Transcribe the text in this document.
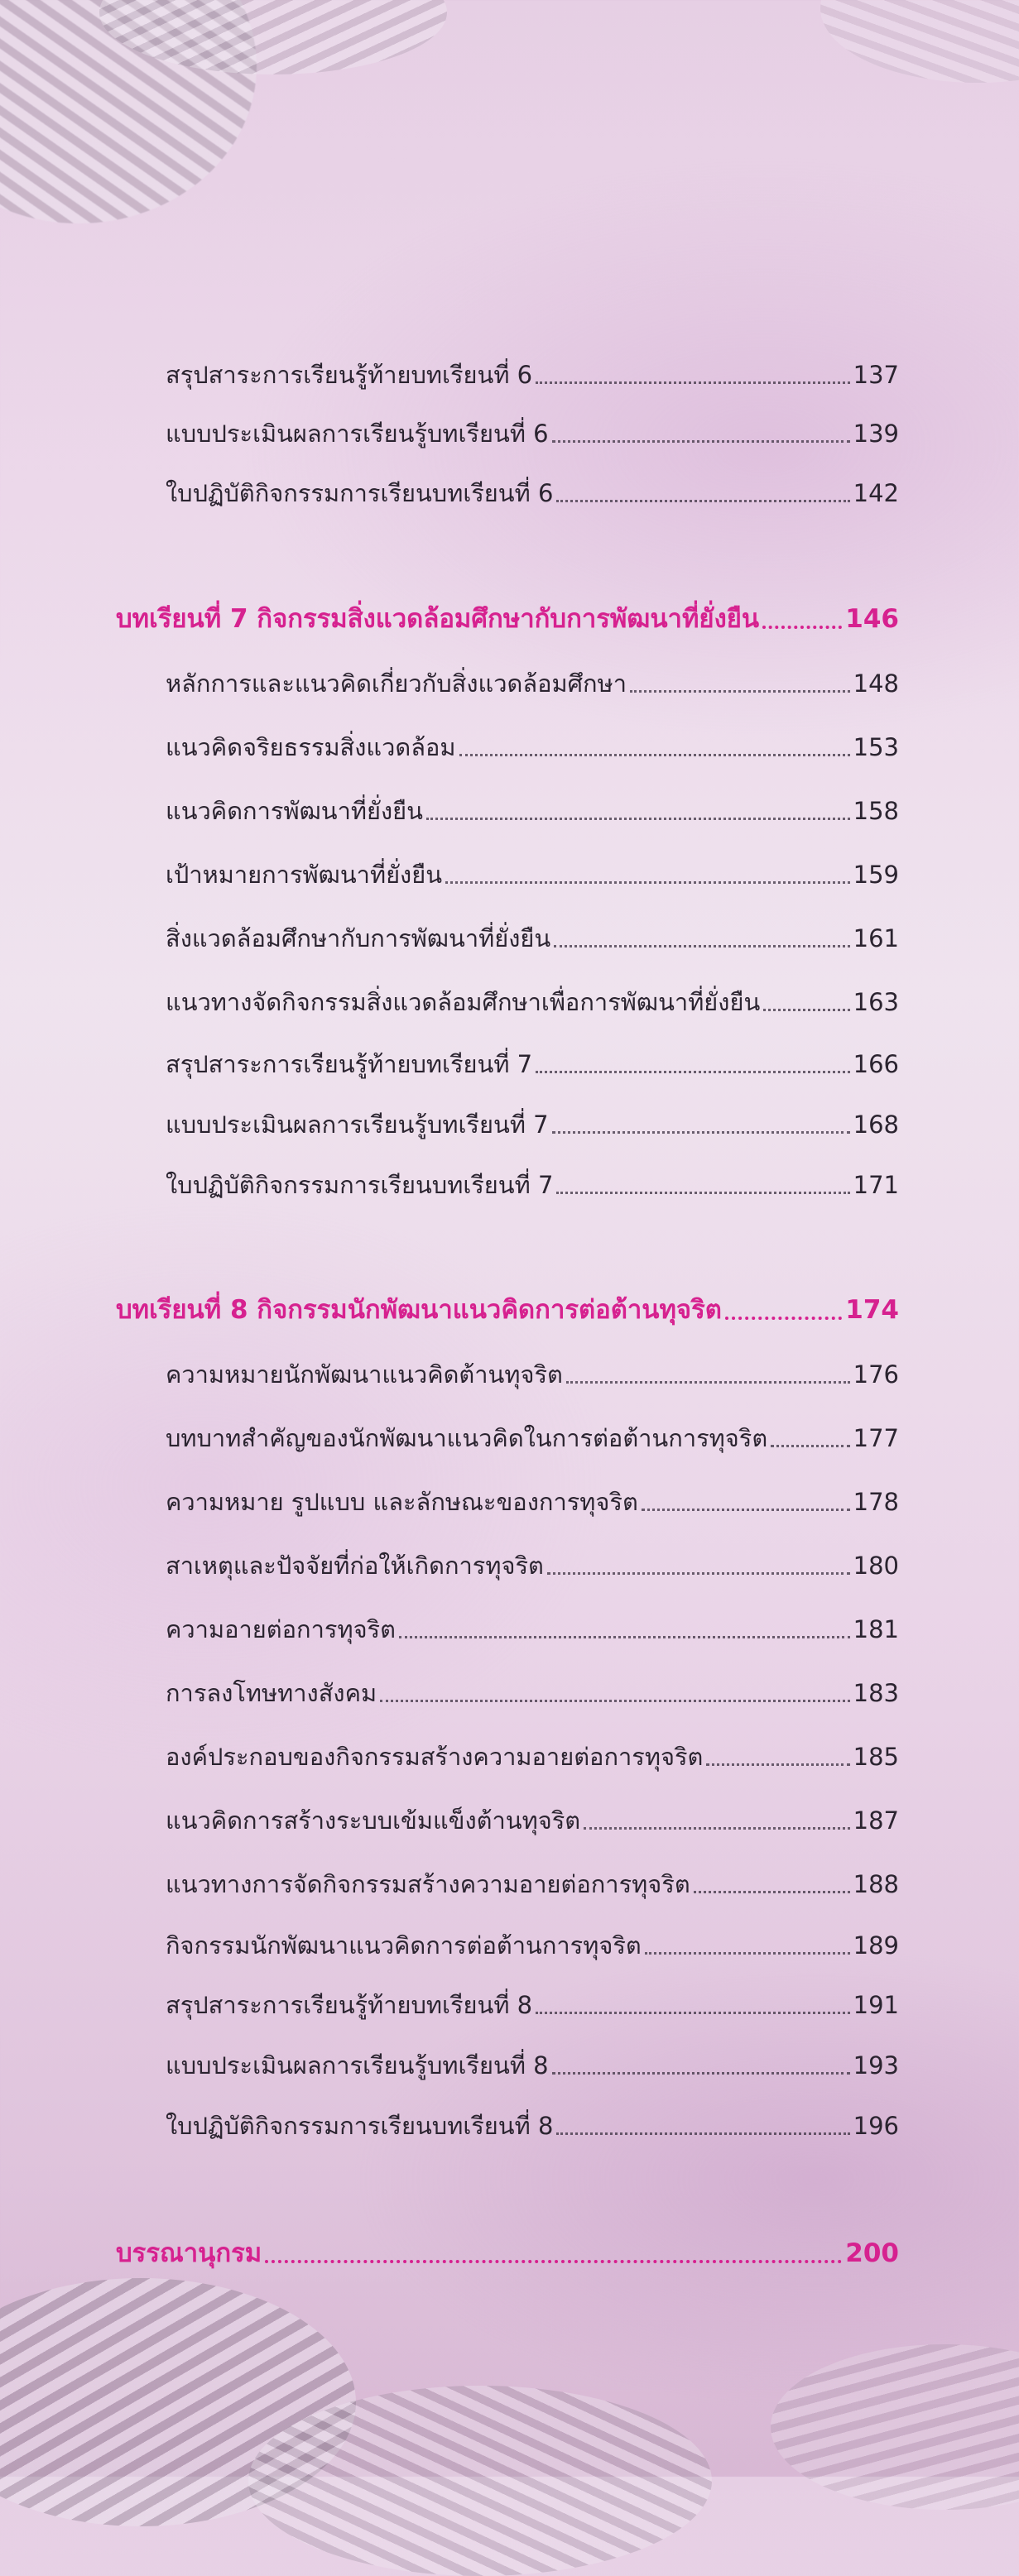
สรุปสาระการเรียนรู้ท้ายบทเรียนที่ 6	137
แบบประเมินผลการเรียนรู้บทเรียนที่ 6	139
ใบปฏิบัติกิจกรรมการเรียนบทเรียนที่ 6	142
บทเรียนที่ 7 กิจกรรมสิ่งแวดล้อมศึกษากับการพัฒนาที่ยั่งยืน	146
หลักการและแนวคิดเกี่ยวกับสิ่งแวดล้อมศึกษา	148
แนวคิดจริยธรรมสิ่งแวดล้อม	153
แนวคิดการพัฒนาที่ยั่งยืน	158
เป้าหมายการพัฒนาที่ยั่งยืน	159
สิ่งแวดล้อมศึกษากับการพัฒนาที่ยั่งยืน	161
แนวทางจัดกิจกรรมสิ่งแวดล้อมศึกษาเพื่อการพัฒนาที่ยั่งยืน	163
สรุปสาระการเรียนรู้ท้ายบทเรียนที่ 7	166
แบบประเมินผลการเรียนรู้บทเรียนที่ 7	168
ใบปฏิบัติกิจกรรมการเรียนบทเรียนที่ 7	171
บทเรียนที่ 8 กิจกรรมนักพัฒนาแนวคิดการต่อต้านทุจริต	174
ความหมายนักพัฒนาแนวคิดต้านทุจริต	176
บทบาทสำคัญของนักพัฒนาแนวคิดในการต่อต้านการทุจริต	177
ความหมาย รูปแบบ และลักษณะของการทุจริต	178
สาเหตุและปัจจัยที่ก่อให้เกิดการทุจริต	180
ความอายต่อการทุจริต	181
การลงโทษทางสังคม	183
องค์ประกอบของกิจกรรมสร้างความอายต่อการทุจริต	185
แนวคิดการสร้างระบบเข้มแข็งต้านทุจริต	187
แนวทางการจัดกิจกรรมสร้างความอายต่อการทุจริต	188
กิจกรรมนักพัฒนาแนวคิดการต่อต้านการทุจริต	189
สรุปสาระการเรียนรู้ท้ายบทเรียนที่ 8	191
แบบประเมินผลการเรียนรู้บทเรียนที่ 8	193
ใบปฏิบัติกิจกรรมการเรียนบทเรียนที่ 8	196
บรรณานุกรม	200
